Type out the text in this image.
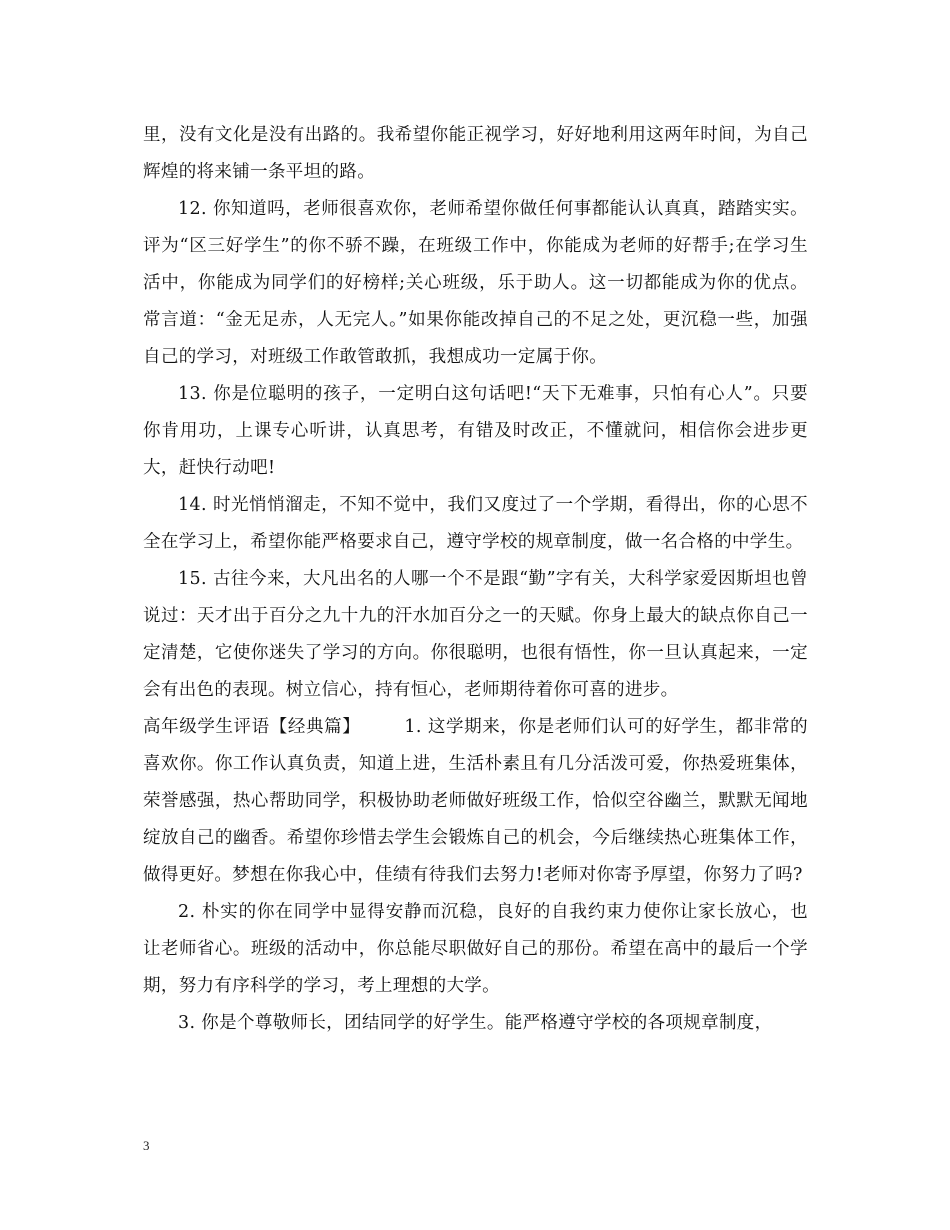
里，没有文化是没有出路的。我希望你能正视学习，好好地利用这两年时间，为自己辉煌的将来铺一条平坦的路。

12. 你知道吗，老师很喜欢你，老师希望你做任何事都能认认真真，踏踏实实。评为“区三好学生”的你不骄不躁，在班级工作中，你能成为老师的好帮手;在学习生活中，你能成为同学们的好榜样;关心班级，乐于助人。这一切都能成为你的优点。常言道：“金无足赤，人无完人。”如果你能改掉自己的不足之处，更沉稳一些，加强自己的学习，对班级工作敢管敢抓，我想成功一定属于你。

13. 你是位聪明的孩子，一定明白这句话吧!“天下无难事，只怕有心人”。只要你肯用功，上课专心听讲，认真思考，有错及时改正，不懂就问，相信你会进步更大，赶快行动吧!

14. 时光悄悄溜走，不知不觉中，我们又度过了一个学期，看得出，你的心思不全在学习上，希望你能严格要求自己，遵守学校的规章制度，做一名合格的中学生。

15. 古往今来，大凡出名的人哪一个不是跟“勤”字有关，大科学家爱因斯坦也曾说过：天才出于百分之九十九的汗水加百分之一的天赋。你身上最大的缺点你自己一定清楚，它使你迷失了学习的方向。你很聪明，也很有悟性，你一旦认真起来，一定会有出色的表现。树立信心，持有恒心，老师期待着你可喜的进步。

高年级学生评语【经典篇】	1. 这学期来，你是老师们认可的好学生，都非常的喜欢你。你工作认真负责，知道上进，生活朴素且有几分活泼可爱，你热爱班集体，荣誉感强，热心帮助同学，积极协助老师做好班级工作，恰似空谷幽兰，默默无闻地绽放自己的幽香。希望你珍惜去学生会锻炼自己的机会，今后继续热心班集体工作，做得更好。梦想在你我心中，佳绩有待我们去努力!老师对你寄予厚望，你努力了吗?

2. 朴实的你在同学中显得安静而沉稳，良好的自我约束力使你让家长放心，也让老师省心。班级的活动中，你总能尽职做好自己的那份。希望在高中的最后一个学期，努力有序科学的学习，考上理想的大学。

3. 你是个尊敬师长，团结同学的好学生。能严格遵守学校的各项规章制度，

3
